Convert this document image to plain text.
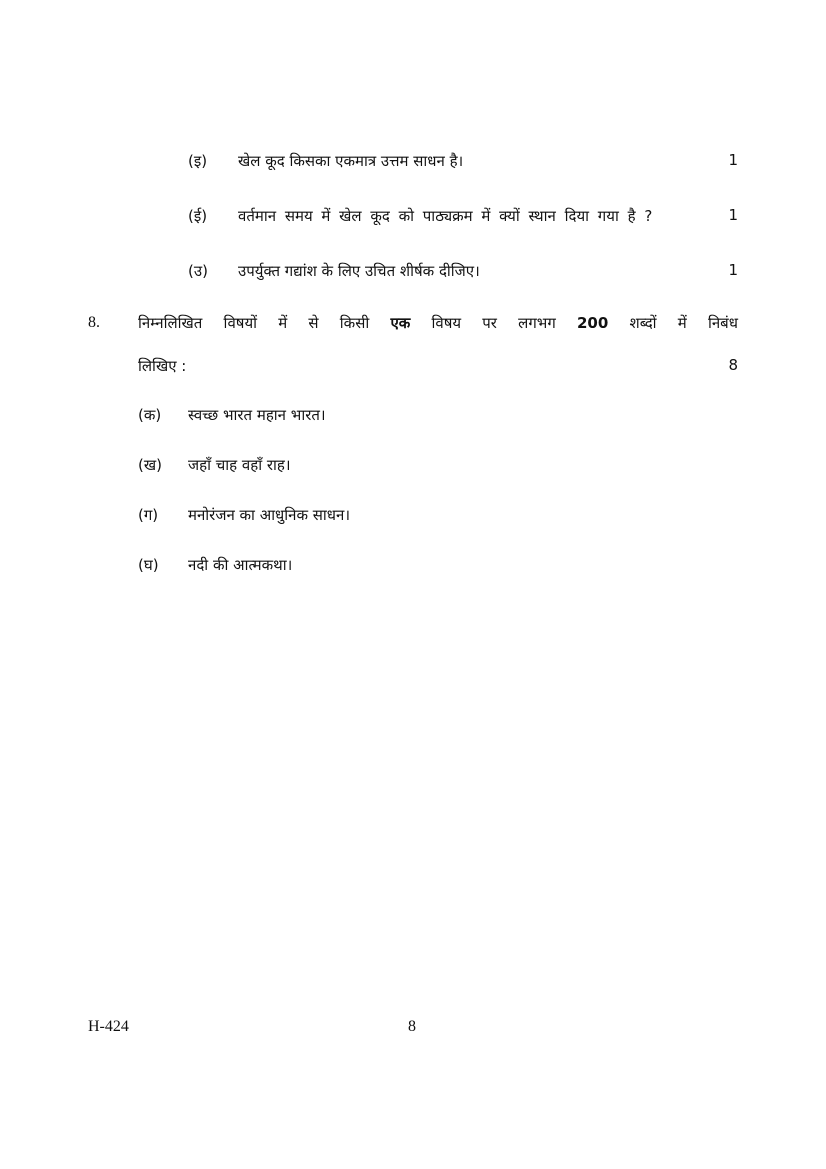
(इ) खेल कूद किसका एकमात्र उत्तम साधन है।	1
(ई) वर्तमान समय में खेल कूद को पाठ्यक्रम में क्यों स्थान दिया गया है ?	1
(उ) उपर्युक्त गद्यांश के लिए उचित शीर्षक दीजिए।	1
8.	निम्नलिखित विषयों में से किसी एक विषय पर लगभग 200 शब्दों में निबंध
लिखिए :	8
(क) स्वच्छ भारत महान भारत।
(ख) जहाँ चाह वहाँ राह।
(ग) मनोरंजन का आधुनिक साधन।
(घ) नदी की आत्मकथा।
H-424	8
